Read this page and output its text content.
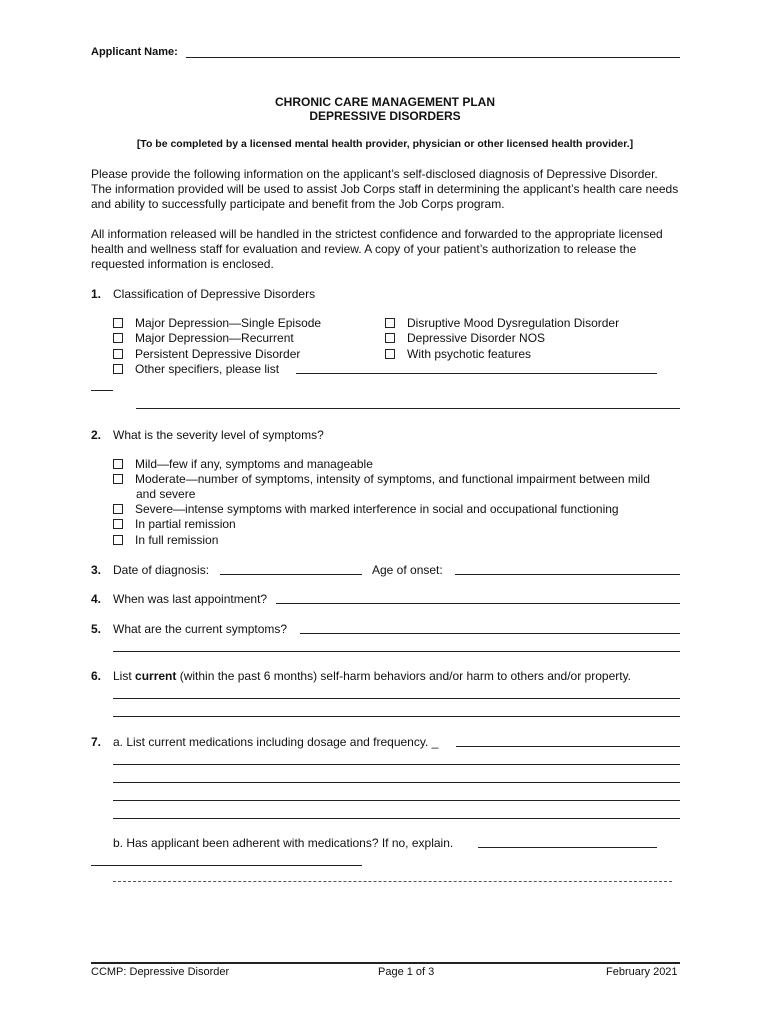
Applicant Name:
CHRONIC CARE MANAGEMENT PLAN
DEPRESSIVE DISORDERS
[To be completed by a licensed mental health provider, physician or other licensed health provider.]
Please provide the following information on the applicant’s self-disclosed diagnosis of Depressive Disorder. The information provided will be used to assist Job Corps staff in determining the applicant’s health care needs and ability to successfully participate and benefit from the Job Corps program.
All information released will be handled in the strictest confidence and forwarded to the appropriate licensed health and wellness staff for evaluation and review. A copy of your patient’s authorization to release the requested information is enclosed.
1. Classification of Depressive Disorders
Major Depression—Single Episode
Major Depression—Recurrent
Persistent Depressive Disorder
Other specifiers, please list
Disruptive Mood Dysregulation Disorder
Depressive Disorder NOS
With psychotic features
2. What is the severity level of symptoms?
Mild—few if any, symptoms and manageable
Moderate—number of symptoms, intensity of symptoms, and functional impairment between mild
and severe
Severe—intense symptoms with marked interference in social and occupational functioning
In partial remission
In full remission
3. Date of diagnosis:	Age of onset:
4. When was last appointment?
5. What are the current symptoms?
6. List current (within the past 6 months) self-harm behaviors and/or harm to others and/or property.
7. a. List current medications including dosage and frequency. _
b. Has applicant been adherent with medications? If no, explain.
CCMP: Depressive Disorder	Page 1 of 3	February 2021
